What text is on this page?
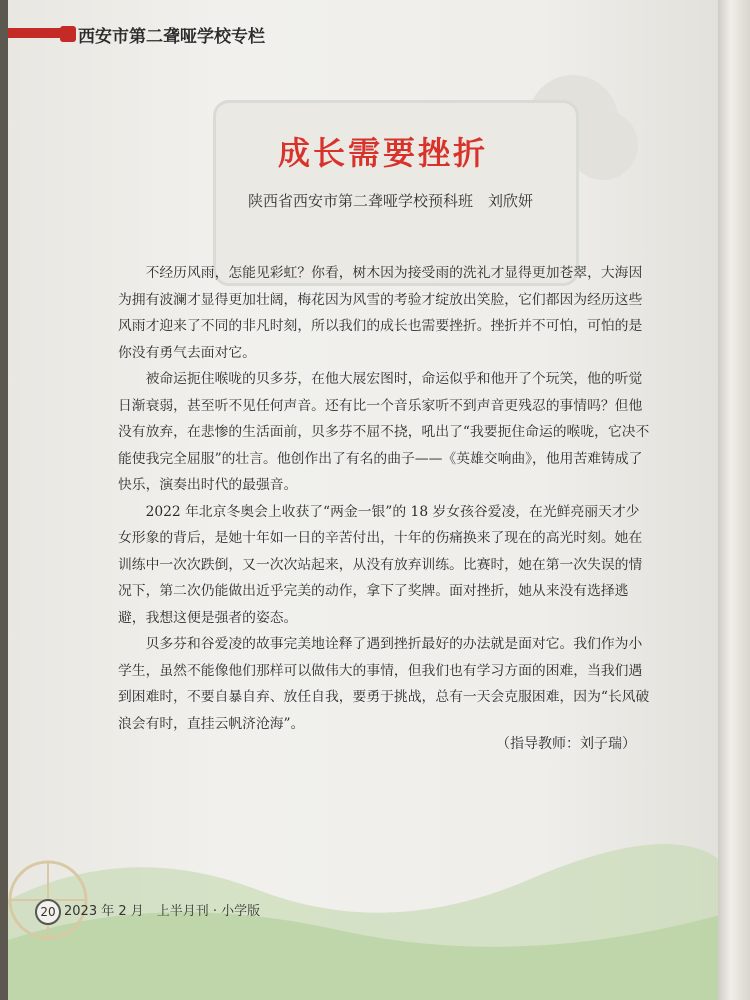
西安市第二聋哑学校专栏
成长需要挫折
陕西省西安市第二聋哑学校预科班　刘欣妍

不经历风雨，怎能见彩虹？你看，树木因为接受雨的洗礼才显得更加苍翠，大海因为拥有波澜才显得更加壮阔，梅花因为风雪的考验才绽放出笑脸，它们都因为经历这些风雨才迎来了不同的非凡时刻，所以我们的成长也需要挫折。挫折并不可怕，可怕的是你没有勇气去面对它。

被命运扼住喉咙的贝多芬，在他大展宏图时，命运似乎和他开了个玩笑，他的听觉日渐衰弱，甚至听不见任何声音。还有比一个音乐家听不到声音更残忍的事情吗？但他没有放弃，在悲惨的生活面前，贝多芬不屈不挠，吼出了“我要扼住命运的喉咙，它决不能使我完全屈服”的壮言。他创作出了有名的曲子——《英雄交响曲》，他用苦难铸成了快乐，演奏出时代的最强音。

2022 年北京冬奥会上收获了“两金一银”的 18 岁女孩谷爱凌，在光鲜亮丽天才少女形象的背后，是她十年如一日的辛苦付出，十年的伤痛换来了现在的高光时刻。她在训练中一次次跌倒，又一次次站起来，从没有放弃训练。比赛时，她在第一次失误的情况下，第二次仍能做出近乎完美的动作，拿下了奖牌。面对挫折，她从来没有选择逃避，我想这便是强者的姿态。

贝多芬和谷爱凌的故事完美地诠释了遇到挫折最好的办法就是面对它。我们作为小学生，虽然不能像他们那样可以做伟大的事情，但我们也有学习方面的困难，当我们遇到困难时，不要自暴自弃、放任自我，要勇于挑战，总有一天会克服困难，因为“长风破浪会有时，直挂云帆济沧海”。

（指导教师：刘子瑞）
20 2023 年 2 月　上半月刊 · 小学版
